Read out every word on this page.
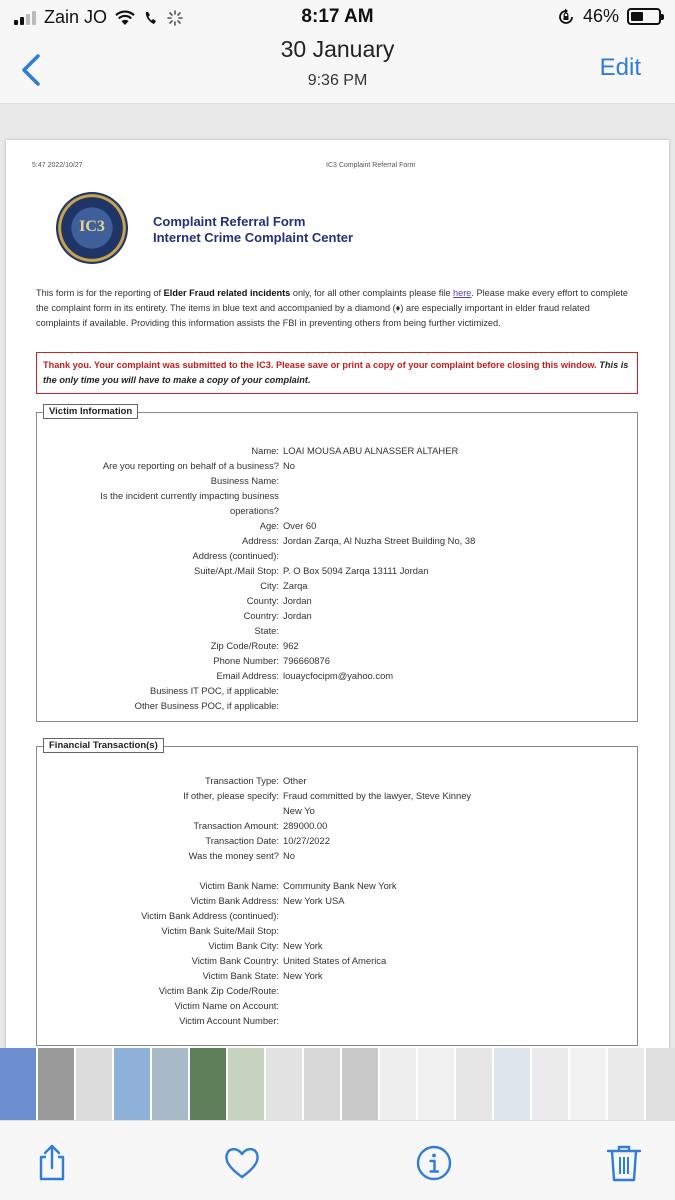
Zain JO	8:17 AM	46%
30 January
9:36 PM	Edit
5:47 2022/10/27	IC3 Complaint Referral Form
IC3	Complaint Referral Form
Internet Crime Complaint Center
This form is for the reporting of Elder Fraud related incidents only, for all other complaints please file here. Please make every effort to complete the complaint form in its entirety. The items in blue text and accompanied by a diamond (♦) are especially important in elder fraud related complaints if available. Providing this information assists the FBI in preventing others from being further victimized.
Thank you. Your complaint was submitted to the IC3. Please save or print a copy of your complaint before closing this window. This is the only time you will have to make a copy of your complaint.
Victim Information
Name: LOAI MOUSA ABU ALNASSER ALTAHER
Are you reporting on behalf of a business? No
Business Name:
Is the incident currently impacting business
operations?
Age: Over 60
Address: Jordan Zarqa, Al Nuzha Street Building No, 38
Address (continued):
Suite/Apt./Mail Stop: P. O Box 5094 Zarqa 13111 Jordan
City: Zarqa
County: Jordan
Country: Jordan
State:
Zip Code/Route: 962
Phone Number: 796660876
Email Address: louaycfocipm@yahoo.com
Business IT POC, if applicable:
Other Business POC, if applicable:
Financial Transaction(s)
Transaction Type: Other
If other, please specify: Fraud committed by the lawyer, Steve Kinney
New Yo
Transaction Amount: 289000.00
Transaction Date: 10/27/2022
Was the money sent? No
Victim Bank Name: Community Bank New York
Victim Bank Address: New York USA
Victim Bank Address (continued):
Victim Bank Suite/Mail Stop:
Victim Bank City: New York
Victim Bank Country: United States of America
Victim Bank State: New York
Victim Bank Zip Code/Route:
Victim Name on Account:
Victim Account Number:
